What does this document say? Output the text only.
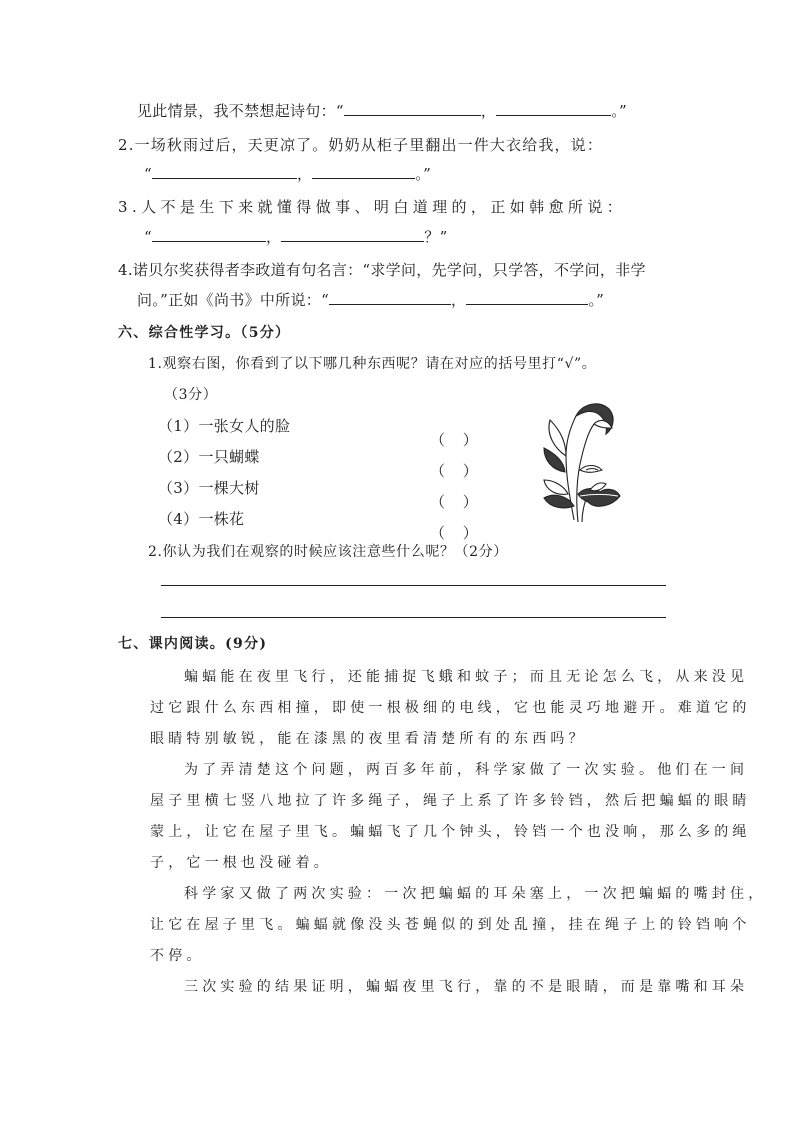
见此情景，我不禁想起诗句：“	，	。”
2.一场秋雨过后，天更凉了。奶奶从柜子里翻出一件大衣给我，说：
“	，	。”
3.人不是生下来就懂得做事、明白道理的，正如韩愈所说：
“	，	？”
4.诺贝尔奖获得者李政道有句名言：“求学问，先学问，只学答，不学问，非学
问。”正如《尚书》中所说：“	，	。”
六、综合性学习。（5分）
1.观察右图，你看到了以下哪几种东西呢？请在对应的括号里打“√”。
（3分）
（1）一张女人的脸
（2）一只蝴蝶
（3）一棵大树
（4）一株花
（ ）
（ ）
（ ）
（ ）
2.你认为我们在观察的时候应该注意些什么呢？（2分）
七、课内阅读。(9分)
蝙蝠能在夜里飞行，还能捕捉飞蛾和蚊子；而且无论怎么飞，从来没见
过它跟什么东西相撞，即使一根极细的电线，它也能灵巧地避开。难道它的
眼睛特别敏锐，能在漆黑的夜里看清楚所有的东西吗？
为了弄清楚这个问题，两百多年前，科学家做了一次实验。他们在一间
屋子里横七竖八地拉了许多绳子，绳子上系了许多铃铛，然后把蝙蝠的眼睛
蒙上，让它在屋子里飞。蝙蝠飞了几个钟头，铃铛一个也没响，那么多的绳
子，它一根也没碰着。
科学家又做了两次实验：一次把蝙蝠的耳朵塞上，一次把蝙蝠的嘴封住，
让它在屋子里飞。蝙蝠就像没头苍蝇似的到处乱撞，挂在绳子上的铃铛响个
不停。
三次实验的结果证明，蝙蝠夜里飞行，靠的不是眼睛，而是靠嘴和耳朵
